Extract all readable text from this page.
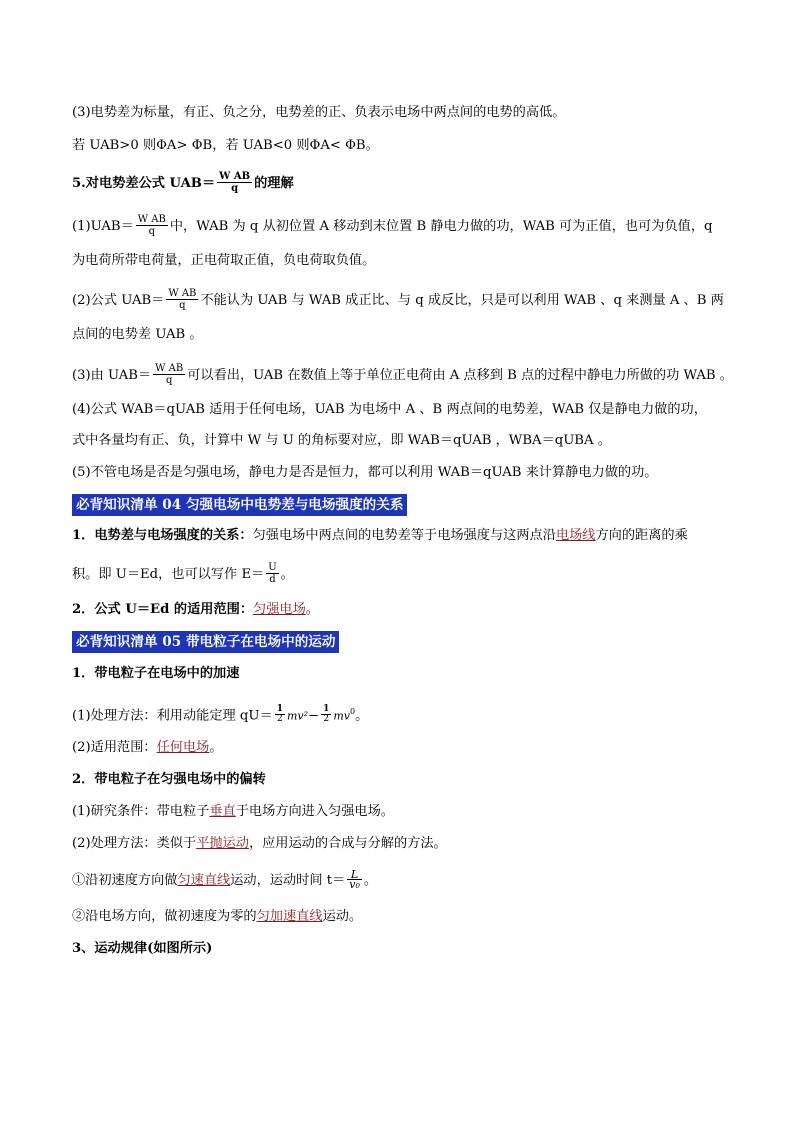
(3)电势差为标量，有正、负之分，电势差的正、负表示电场中两点间的电势的高低。
若 UAB>0 则ΦA> ΦB，若 UAB<0 则ΦA< ΦB。
5.对电势差公式 $UAB= \frac{\text{W AB}}{q}$ 的理解
$(1)UAB= \frac{\text{W AB}}{q}$ 中，WAB 为 q 从初位置 A 移动到末位置 B 静电力做的功，WAB 可为正值，也可为负值，q
为电荷所带电荷量，正电荷取正值，负电荷取负值。
(2)公式 $UAB= \frac{\text{W AB}}{q}$ 不能认为 UAB 与 WAB 成正比、与 q 成反比，只是可以利用 WAB 、q 来测量 A 、B 两
点间的电势差 UAB 。
(3)由 $UAB= \frac{\text{W AB}}{q}$ 可以看出，UAB 在数值上等于单位正电荷由 A 点移到 B 点的过程中静电力所做的功 WAB 。
(4)公式 WAB＝qUAB 适用于任何电场，UAB 为电场中 A 、B 两点间的电势差，WAB 仅是静电力做的功，
式中各量均有正、负，计算中 W 与 U 的角标要对应，即 WAB＝qUAB ，WBA＝qUBA 。
(5)不管电场是否是匀强电场，静电力是否是恒力，都可以利用 WAB＝qUAB 来计算静电力做的功。
必背知识清单 04 匀强电场中电势差与电场强度的关系
1．电势差与电场强度的关系：匀强电场中两点间的电势差等于电场强度与这两点沿电场线方向的距离的乘
积。即 U＝Ed，也可以写作 $E= \frac{U}{d}$ 。
2．公式 U＝Ed 的适用范围：匀强电场。
必背知识清单 05 带电粒子在电场中的运动
1．带电粒子在电场中的加速
(1)处理方法：利用动能定理 $qU= \frac{1}{2} mv^2- \frac{1}{2} mv^0$。
(2)适用范围：任何电场。
2．带电粒子在匀强电场中的偏转
(1)研究条件：带电粒子垂直于电场方向进入匀强电场。
(2)处理方法：类似于平抛运动，应用运动的合成与分解的方法。
①沿初速度方向做匀速直线运动，运动时间 $t= \frac{L}{\text{v₀}}$ 。
②沿电场方向，做初速度为零的匀加速直线运动。
3、运动规律(如图所示)
